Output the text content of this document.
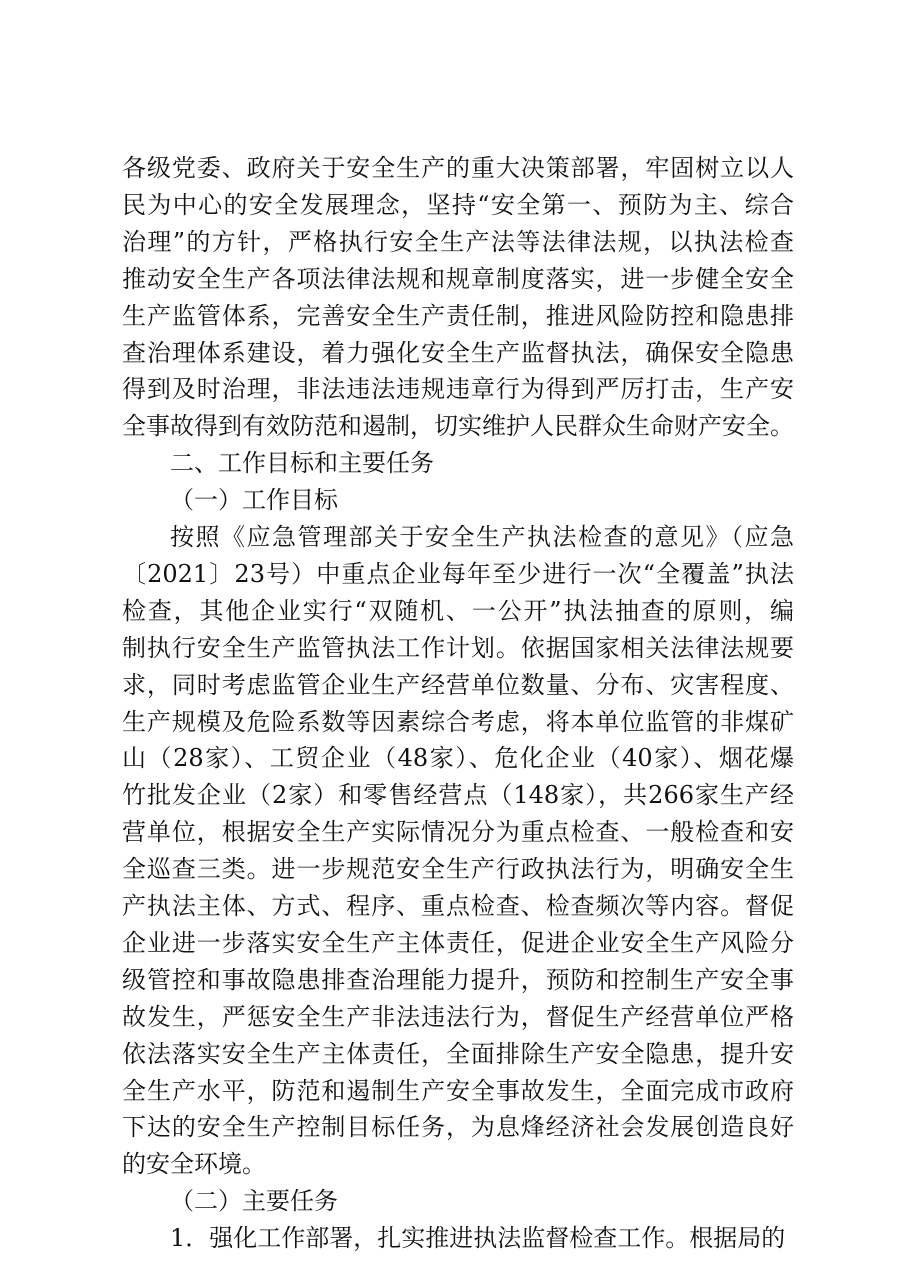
各级党委、政府关于安全生产的重大决策部署，牢固树立以人
民为中心的安全发展理念，坚持“安全第一、预防为主、综合
治理”的方针，严格执行安全生产法等法律法规，以执法检查
推动安全生产各项法律法规和规章制度落实，进一步健全安全
生产监管体系，完善安全生产责任制，推进风险防控和隐患排
查治理体系建设，着力强化安全生产监督执法，确保安全隐患
得到及时治理，非法违法违规违章行为得到严厉打击，生产安
全事故得到有效防范和遏制，切实维护人民群众生命财产安全。
二、工作目标和主要任务
（一）工作目标
按照《应急管理部关于安全生产执法检查的意见》（应急
〔2021〕23号）中重点企业每年至少进行一次“全覆盖”执法
检查，其他企业实行“双随机、一公开”执法抽查的原则，编
制执行安全生产监管执法工作计划。依据国家相关法律法规要
求，同时考虑监管企业生产经营单位数量、分布、灾害程度、
生产规模及危险系数等因素综合考虑，将本单位监管的非煤矿
山（28家）、工贸企业（48家）、危化企业（40家）、烟花爆
竹批发企业（2家）和零售经营点（148家），共266家生产经
营单位，根据安全生产实际情况分为重点检查、一般检查和安
全巡查三类。进一步规范安全生产行政执法行为，明确安全生
产执法主体、方式、程序、重点检查、检查频次等内容。督促
企业进一步落实安全生产主体责任，促进企业安全生产风险分
级管控和事故隐患排查治理能力提升，预防和控制生产安全事
故发生，严惩安全生产非法违法行为，督促生产经营单位严格
依法落实安全生产主体责任，全面排除生产安全隐患，提升安
全生产水平，防范和遏制生产安全事故发生，全面完成市政府
下达的安全生产控制目标任务，为息烽经济社会发展创造良好
的安全环境。
（二）主要任务
1．强化工作部署，扎实推进执法监督检查工作。根据局的
